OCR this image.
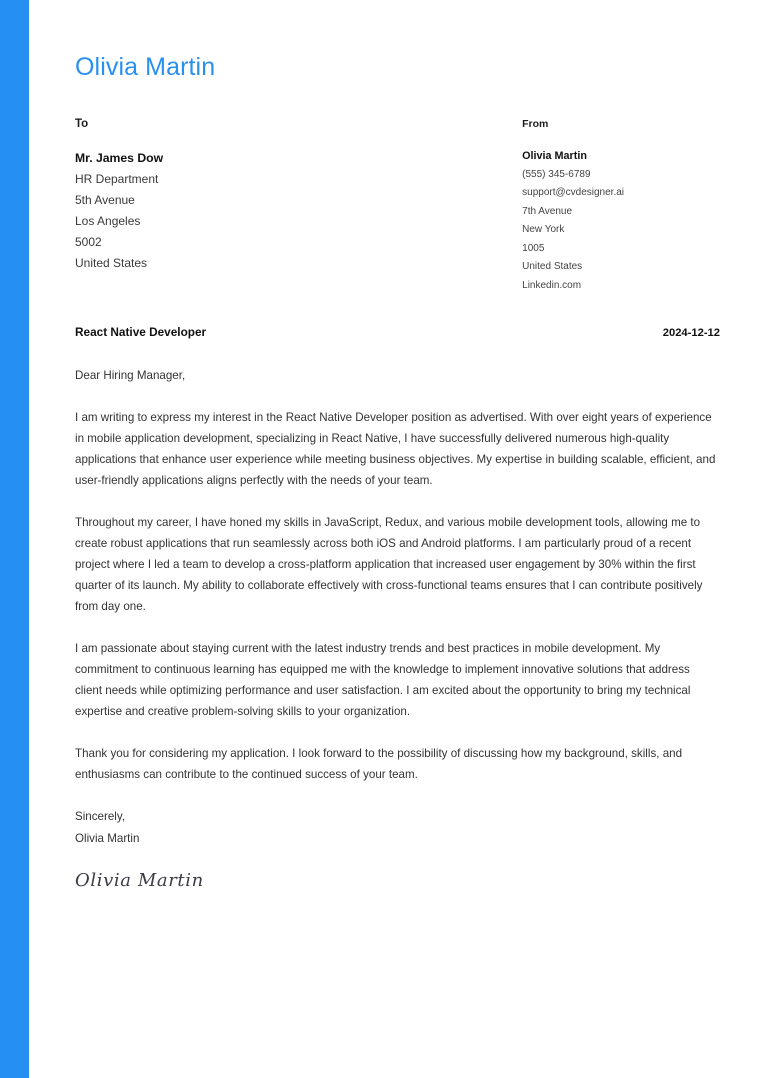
Olivia Martin
To
Mr. James Dow
HR Department
5th Avenue
Los Angeles
5002
United States
From
Olivia Martin
(555) 345-6789
support@cvdesigner.ai
7th Avenue
New York
1005
United States
Linkedin.com
React Native Developer	2024-12-12
Dear Hiring Manager,

I am writing to express my interest in the React Native Developer position as advertised. With over eight years of experience in mobile application development, specializing in React Native, I have successfully delivered numerous high-quality applications that enhance user experience while meeting business objectives. My expertise in building scalable, efficient, and user-friendly applications aligns perfectly with the needs of your team.

Throughout my career, I have honed my skills in JavaScript, Redux, and various mobile development tools, allowing me to create robust applications that run seamlessly across both iOS and Android platforms. I am particularly proud of a recent project where I led a team to develop a cross-platform application that increased user engagement by 30% within the first quarter of its launch. My ability to collaborate effectively with cross-functional teams ensures that I can contribute positively from day one.

I am passionate about staying current with the latest industry trends and best practices in mobile development. My commitment to continuous learning has equipped me with the knowledge to implement innovative solutions that address client needs while optimizing performance and user satisfaction. I am excited about the opportunity to bring my technical expertise and creative problem-solving skills to your organization.

Thank you for considering my application. I look forward to the possibility of discussing how my background, skills, and enthusiasms can contribute to the continued success of your team.

Sincerely,
Olivia Martin
Olivia Martin
